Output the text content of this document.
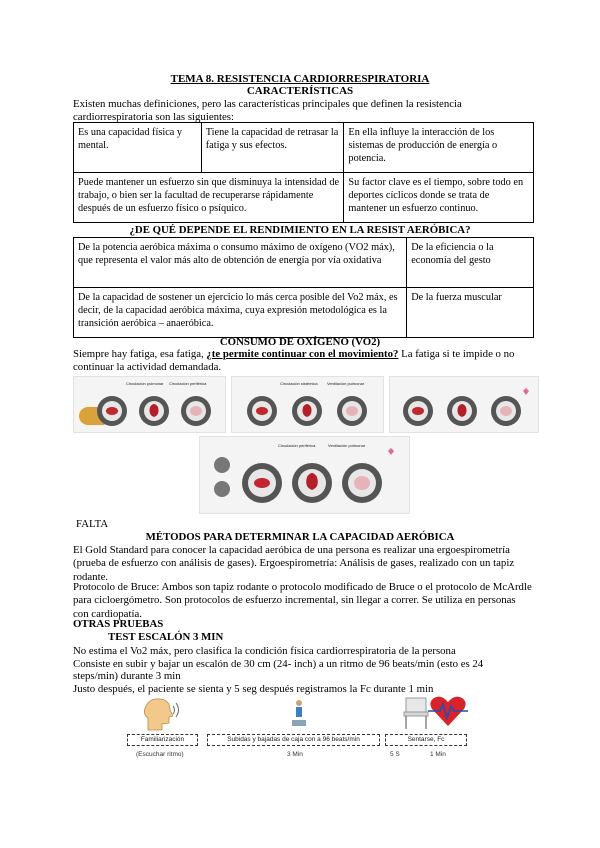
TEMA 8. RESISTENCIA CARDIORRESPIRATORIA
CARACTERÍSTICAS
Existen muchas definiciones, pero las características principales que definen la resistencia cardiorrespiratoria son las siguientes:
Es una capacidad física y mental.	Tiene la capacidad de retrasar la fatiga y sus efectos.	En ella influye la interacción de los sistemas de producción de energía o potencia.
Puede mantener un esfuerzo sin que disminuya la intensidad de trabajo, o bien ser la facultad de recuperarse rápidamente después de un esfuerzo físico o psíquico.		Su factor clave es el tiempo, sobre todo en deportes cíclicos donde se trata de mantener un esfuerzo continuo.
¿DE QUÉ DEPENDE EL RENDIMIENTO EN LA RESIST AERÓBICA?
De la potencia aeróbica máxima o consumo máximo de oxígeno (VO2 máx), que representa el valor más alto de obtención de energía por vía oxidativa	De la eficiencia o la economía del gesto
De la capacidad de sostener un ejercicio lo más cerca posible del Vo2 máx, es decir, de la capacidad aeróbica máxima, cuya expresión metodológica es la transición aeróbica – anaeróbica.	De la fuerza muscular
CONSUMO DE OXÍGENO (VO2)
Siempre hay fatiga, esa fatiga, ¿te permite continuar con el movimiento? La fatiga si te impide o no continuar la actividad demandada.
Circulación pulmonar Circulación periférica	Circulación sistémica Ventilación pulmonar
Circulación periférica	Ventilación pulmonar
FALTA
MÉTODOS PARA DETERMINAR LA CAPACIDAD AERÓBICA
El Gold Standard para conocer la capacidad aeróbica de una persona es realizar una ergoespirometría (prueba de esfuerzo con análisis de gases). Ergoespirometría: Análisis de gases, realizado con un tapiz rodante.
Protocolo de Bruce: Ambos son tapiz rodante o protocolo modificado de Bruce o el protocolo de McArdle para cicloergómetro. Son protocolos de esfuerzo incremental, sin llegar a correr. Se utiliza en personas con cardiopatía.
OTRAS PRUEBAS
TEST ESCALÓN 3 MIN
No estima el Vo2 máx, pero clasifica la condición física cardiorrespiratoria de la persona
Consiste en subir y bajar un escalón de 30 cm (24- inch) a un ritmo de 96 beats/min (esto es 24
steps/min) durante 3 min
Justo después, el paciente se sienta y 5 seg después registramos la Fc durante 1 min
Familiarización	Subidas y bajadas de caja con a 96 beats/min	Sentarse, Fc
(Escuchar ritmo)	3 Min	5 S	1 Min
